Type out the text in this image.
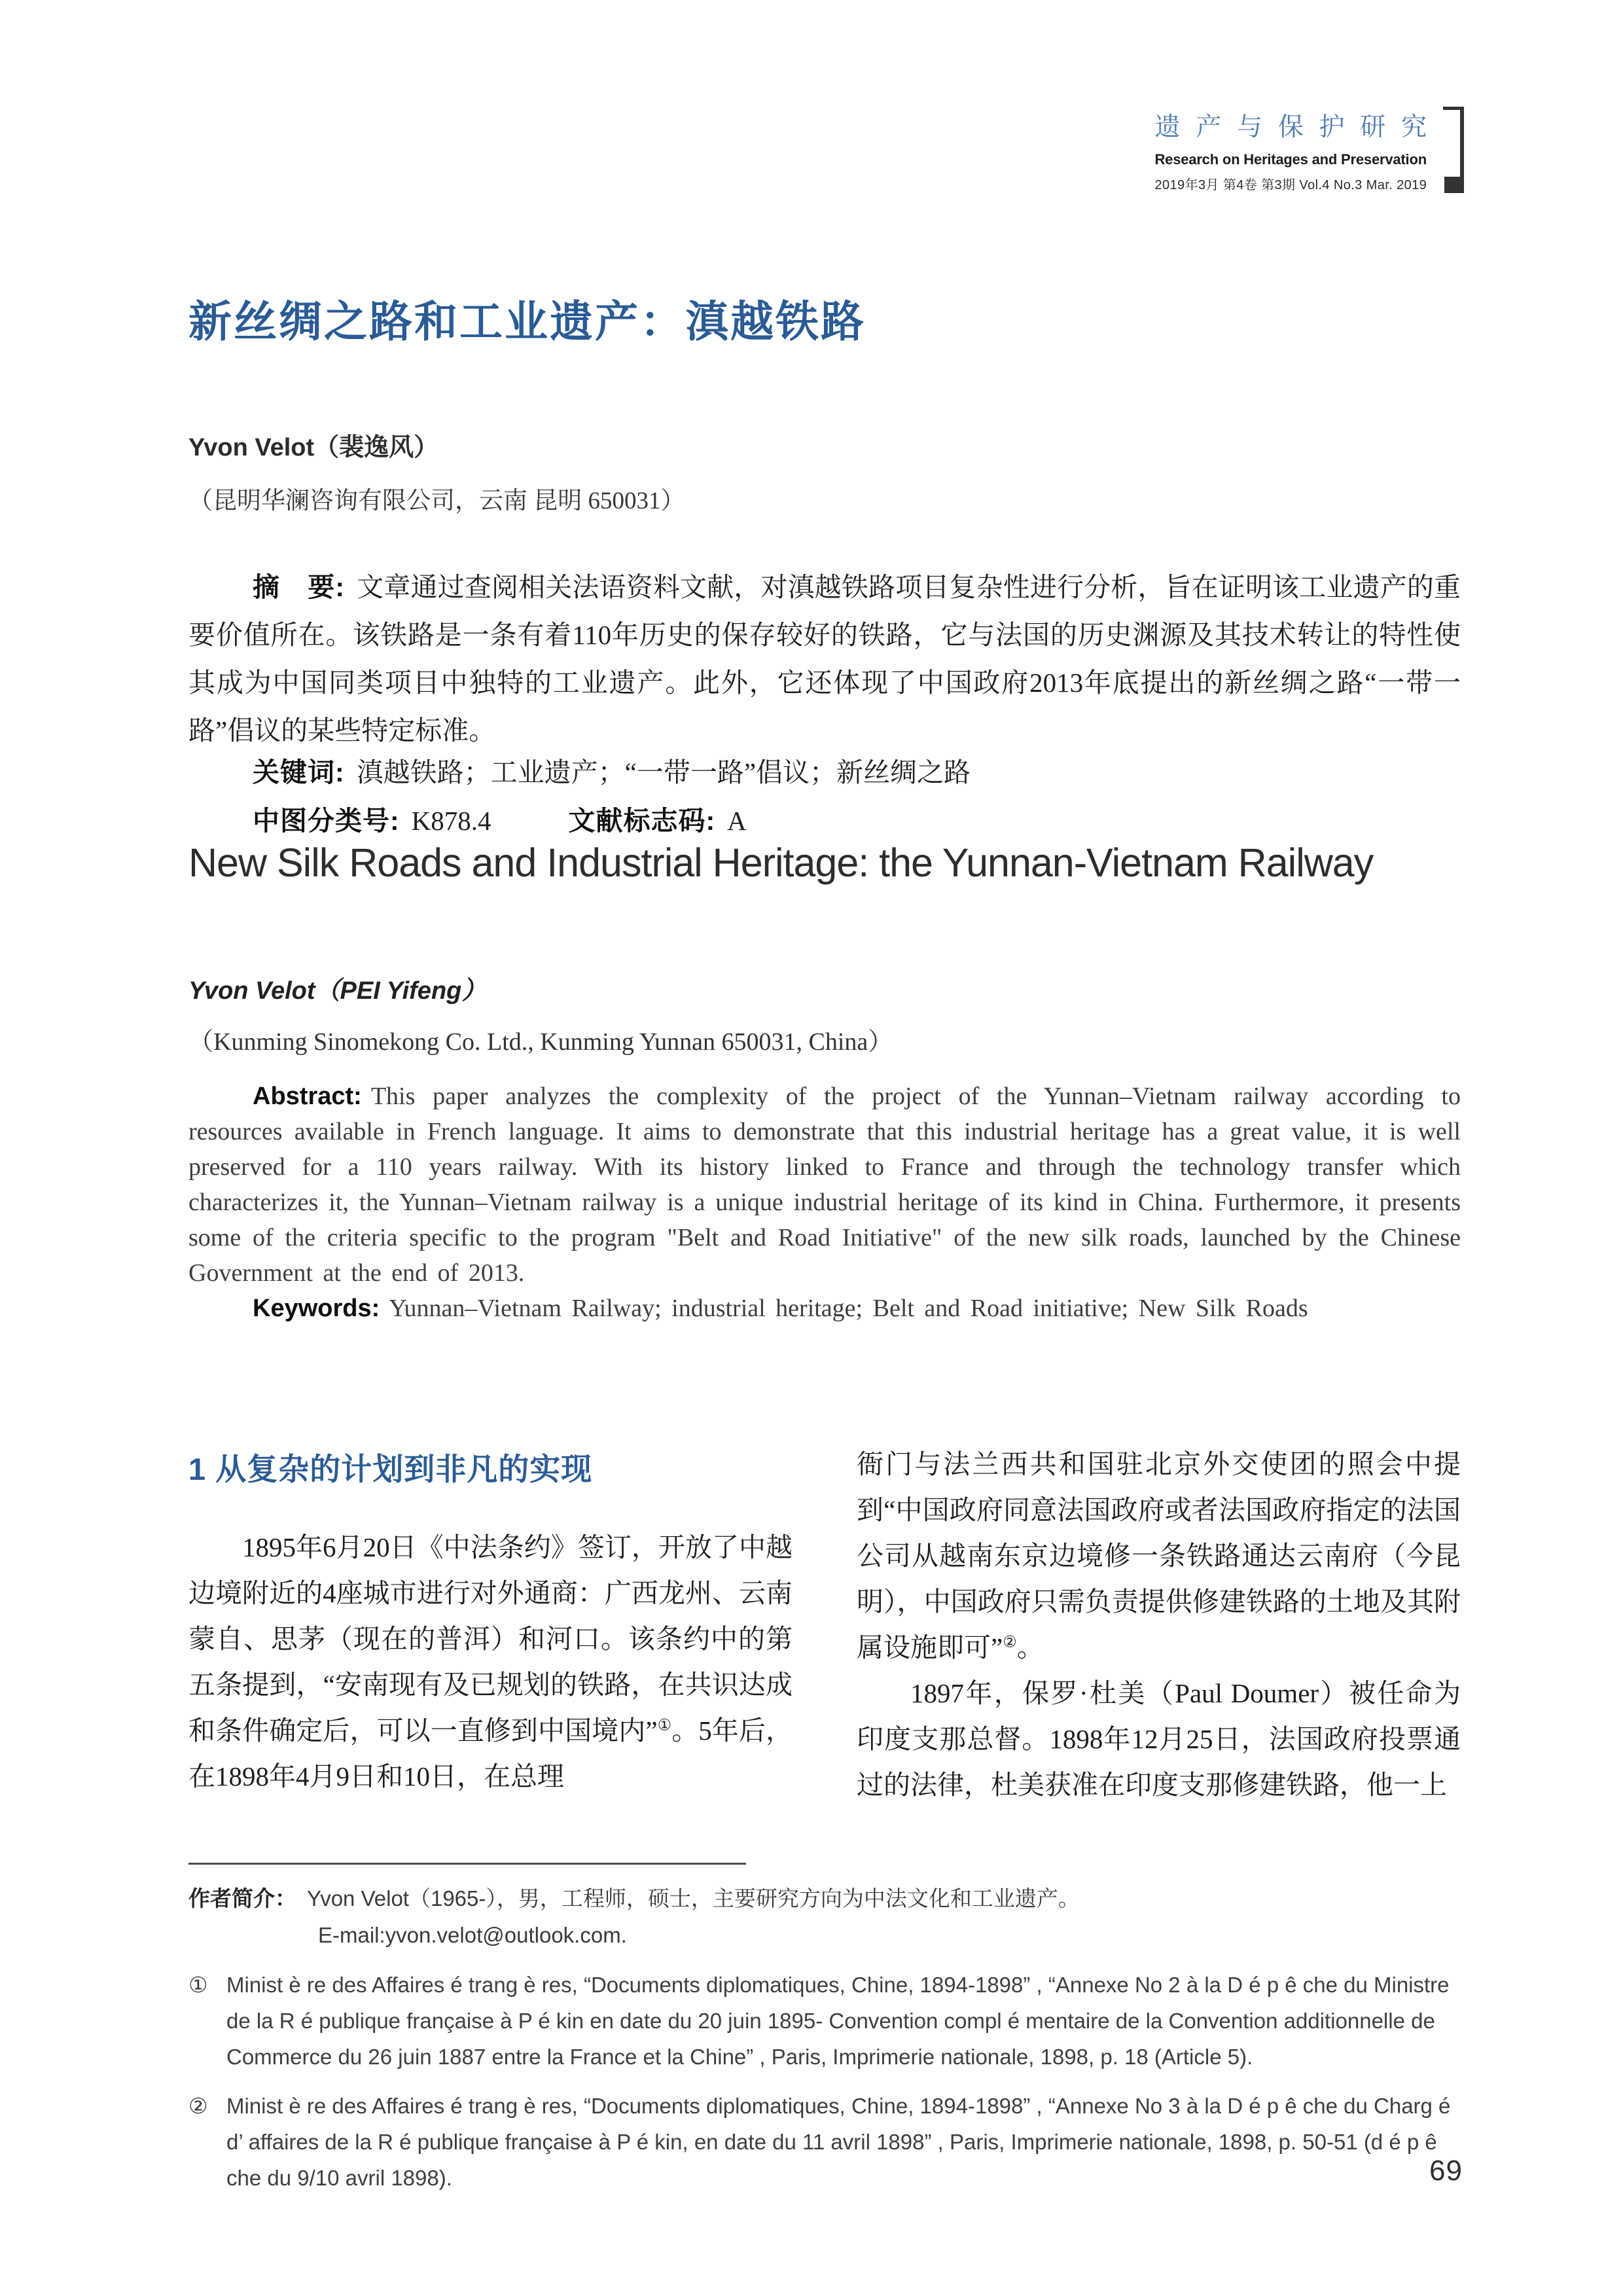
遗 产 与 保 护 研 究
Research on Heritages and Preservation
2019年3月 第4卷 第3期 Vol.4 No.3 Mar. 2019
新丝绸之路和工业遗产：滇越铁路
Yvon Velot（裴逸风）
（昆明华澜咨询有限公司，云南 昆明 650031）

摘　要: 文章通过查阅相关法语资料文献，对滇越铁路项目复杂性进行分析，旨在证明该工业遗产的重要价值所在。该铁路是一条有着110年历史的保存较好的铁路，它与法国的历史渊源及其技术转让的特性使其成为中国同类项目中独特的工业遗产。此外，它还体现了中国政府2013年底提出的新丝绸之路“一带一路”倡议的某些特定标准。

关键词: 滇越铁路；工业遗产；“一带一路”倡议；新丝绸之路

中图分类号: K878.4	文献标志码: A

New Silk Roads and Industrial Heritage: the Yunnan-Vietnam Railway
Yvon Velot（PEI Yifeng）
（Kunming Sinomekong Co. Ltd., Kunming Yunnan 650031, China）

Abstract: This paper analyzes the complexity of the project of the Yunnan–Vietnam railway according to resources available in French language. It aims to demonstrate that this industrial heritage has a great value, it is well preserved for a 110 years railway. With its history linked to France and through the technology transfer which characterizes it, the Yunnan–Vietnam railway is a unique industrial heritage of its kind in China. Furthermore, it presents some of the criteria specific to the program "Belt and Road Initiative" of the new silk roads, launched by the Chinese Government at the end of 2013.

Keywords: Yunnan–Vietnam Railway; industrial heritage; Belt and Road initiative; New Silk Roads

1 从复杂的计划到非凡的实现

1895年6月20日《中法条约》签订，开放了中越边境附近的4座城市进行对外通商：广西龙州、云南蒙自、思茅（现在的普洱）和河口。该条约中的第五条提到，“安南现有及已规划的铁路，在共识达成和条件确定后，可以一直修到中国境内”①。5年后，在1898年4月9日和10日，在总理

衙门与法兰西共和国驻北京外交使团的照会中提到“中国政府同意法国政府或者法国政府指定的法国公司从越南东京边境修一条铁路通达云南府（今昆明），中国政府只需负责提供修建铁路的土地及其附属设施即可”②。

1897年，保罗·杜美（Paul Doumer）被任命为印度支那总督。1898年12月25日，法国政府投票通过的法律，杜美获准在印度支那修建铁路，他一上

作者简介： Yvon Velot（1965-），男，工程师，硕士，主要研究方向为中法文化和工业遗产。
E-mail:yvon.velot@outlook.com.
① Minist è re des Affaires é trang è res, “Documents diplomatiques, Chine, 1894-1898” , “Annexe No 2 à la D é p ê che du Ministre de la R é publique française à P é kin en date du 20 juin 1895- Convention compl é mentaire de la Convention additionnelle de Commerce du 26 juin 1887 entre la France et la Chine” , Paris, Imprimerie nationale, 1898, p. 18 (Article 5).
② Minist è re des Affaires é trang è res, “Documents diplomatiques, Chine, 1894-1898” , “Annexe No 3 à la D é p ê che du Charg é d’ affaires de la R é publique française à P é kin, en date du 11 avril 1898” , Paris, Imprimerie nationale, 1898, p. 50-51 (d é p ê che du 9/10 avril 1898).	69
